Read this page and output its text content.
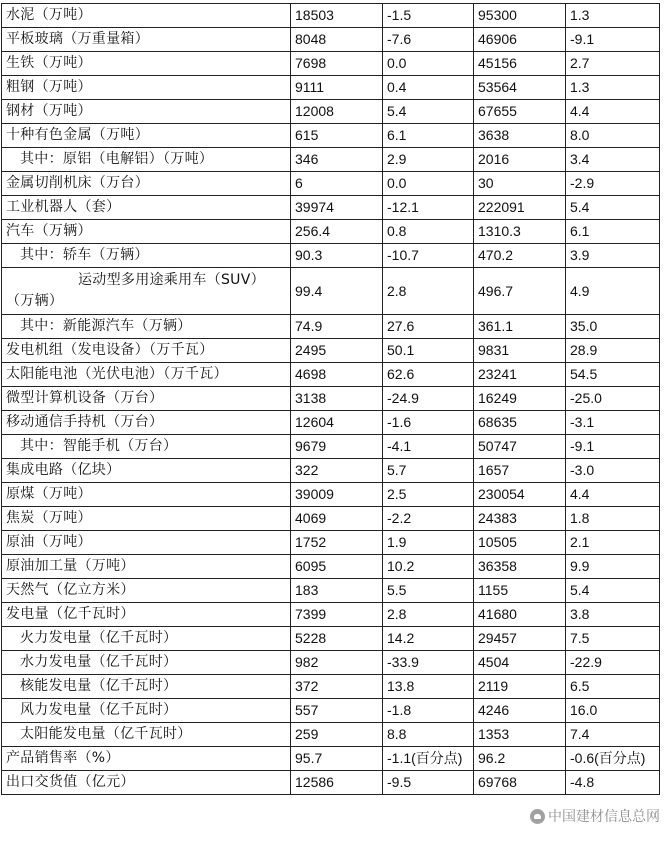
水泥（万吨）	18503	-1.5	95300	1.3
平板玻璃（万重量箱）	8048	-7.6	46906	-9.1
生铁（万吨）	7698	0.0	45156	2.7
粗钢（万吨）	9111	0.4	53564	1.3
钢材（万吨）	12008	5.4	67655	4.4
十种有色金属（万吨）	615	6.1	3638	8.0
其中：原铝（电解铝）（万吨）	346	2.9	2016	3.4
金属切削机床（万台）	6	0.0	30	-2.9
工业机器人（套）	39974	-12.1	222091	5.4
汽车（万辆）	256.4	0.8	1310.3	6.1
其中：轿车（万辆）	90.3	-10.7	470.2	3.9

运动型多用途乘用车（SUV）
（万辆）	99.4	2.8	496.7	4.9
其中：新能源汽车（万辆）	74.9	27.6	361.1	35.0
发电机组（发电设备）（万千瓦）	2495	50.1	9831	28.9
太阳能电池（光伏电池）（万千瓦）	4698	62.6	23241	54.5
微型计算机设备（万台）	3138	-24.9	16249	-25.0
移动通信手持机（万台）	12604	-1.6	68635	-3.1
其中：智能手机（万台）	9679	-4.1	50747	-9.1
集成电路（亿块）	322	5.7	1657	-3.0
原煤（万吨）	39009	2.5	230054	4.4
焦炭（万吨）	4069	-2.2	24383	1.8
原油（万吨）	1752	1.9	10505	2.1
原油加工量（万吨）	6095	10.2	36358	9.9
天然气（亿立方米）	183	5.5	1155	5.4
发电量（亿千瓦时）	7399	2.8	41680	3.8
火力发电量（亿千瓦时）	5228	14.2	29457	7.5
水力发电量（亿千瓦时）	982	-33.9	4504	-22.9
核能发电量（亿千瓦时）	372	13.8	2119	6.5
风力发电量（亿千瓦时）	557	-1.8	4246	16.0
太阳能发电量（亿千瓦时）	259	8.8	1353	7.4
产品销售率（%）	95.7	-1.1(百分点)	96.2	-0.6(百分点)
出口交货值（亿元）	12586	-9.5	69768	-4.8
中国建材信息总网
